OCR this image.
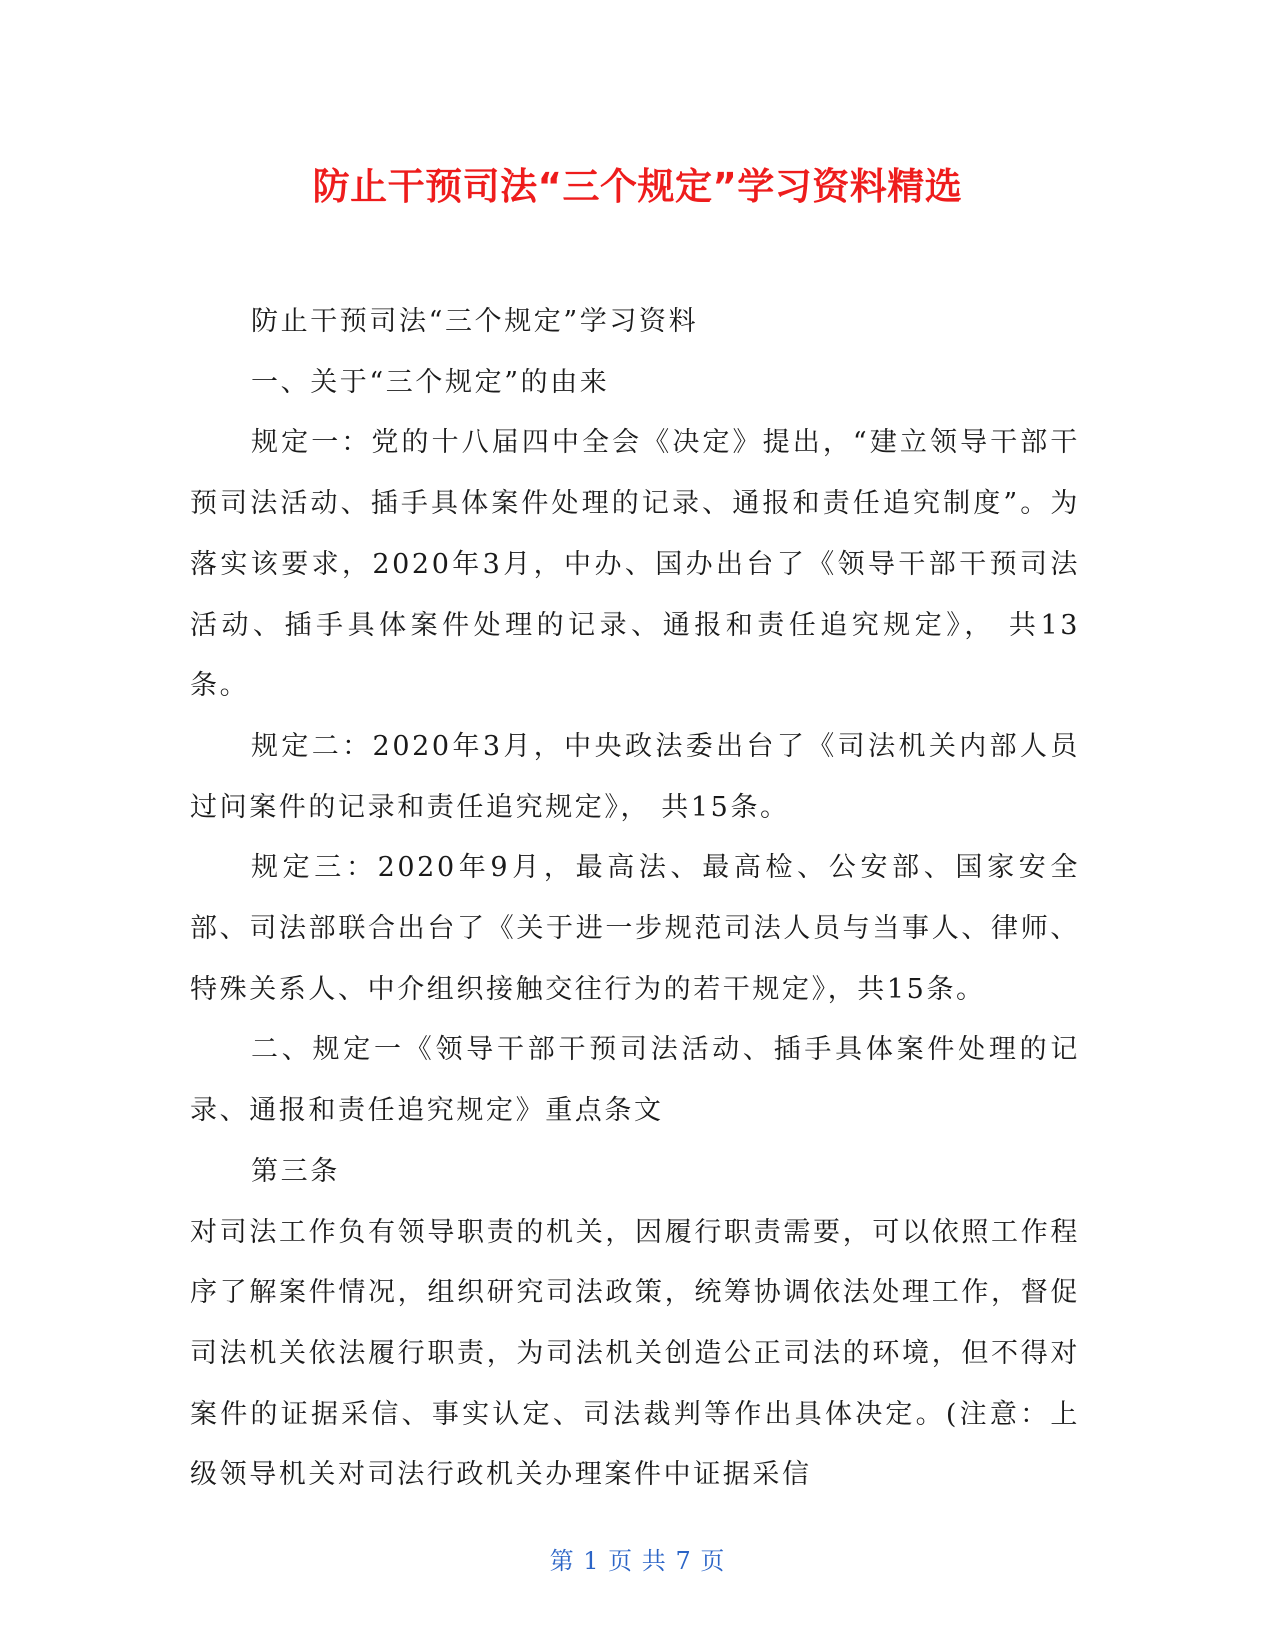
防止干预司法“三个规定”学习资料精选

防止干预司法“三个规定”学习资料

一、关于“三个规定”的由来

规定一：党的十八届四中全会《决定》提出，“建立领导干部干预司法活动、插手具体案件处理的记录、通报和责任追究制度”。为落实该要求，2020年3月，中办、国办出台了《领导干部干预司法活动、插手具体案件处理的记录、通报和责任追究规定》， 共13条。

规定二：2020年3月，中央政法委出台了《司法机关内部人员过问案件的记录和责任追究规定》， 共15条。

规定三：2020年9月，最高法、最高检、公安部、国家安全部、司法部联合出台了《关于进一步规范司法人员与当事人、律师、特殊关系人、中介组织接触交往行为的若干规定》，共15条。

二、规定一《领导干部干预司法活动、插手具体案件处理的记录、通报和责任追究规定》重点条文

第三条

对司法工作负有领导职责的机关，因履行职责需要，可以依照工作程序了解案件情况，组织研究司法政策，统筹协调依法处理工作，督促司法机关依法履行职责，为司法机关创造公正司法的环境，但不得对案件的证据采信、事实认定、司法裁判等作出具体决定。(注意：上级领导机关对司法行政机关办理案件中证据采信

第 1 页 共 7 页
